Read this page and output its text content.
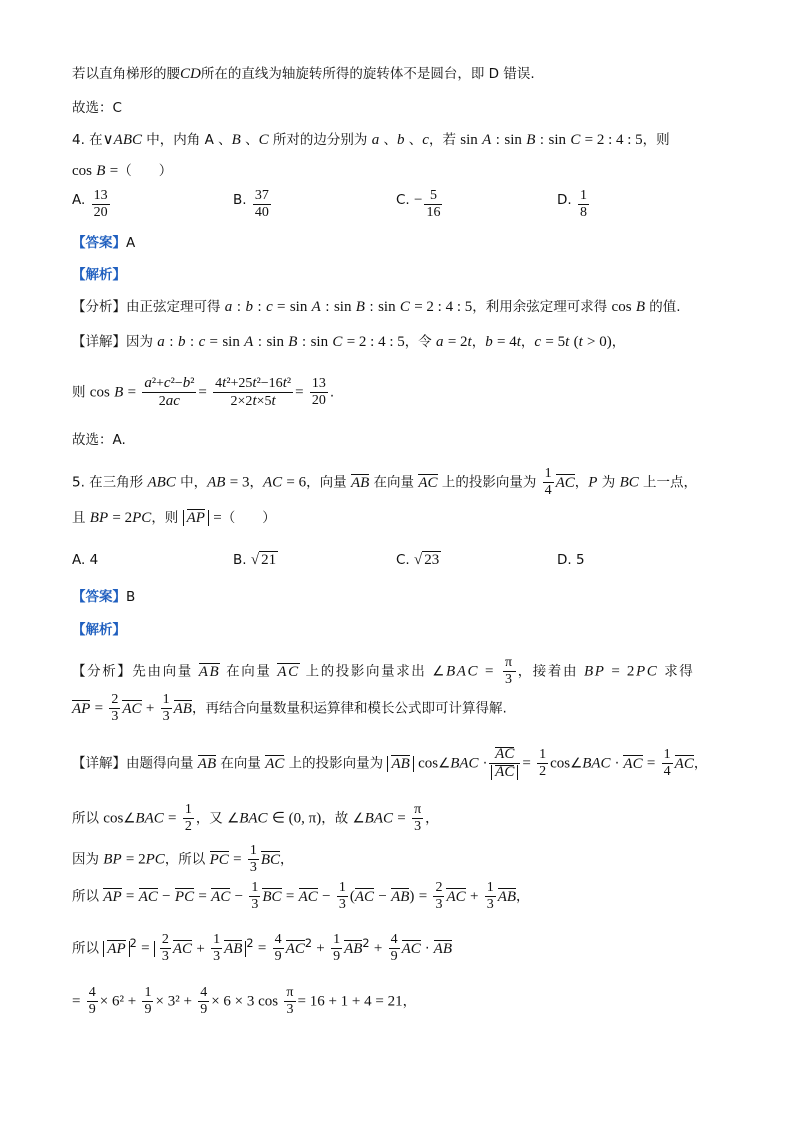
若以直角梯形的腰CD所在的直线为轴旋转所得的旋转体不是圆台，即 D 错误.
故选：C
4. 在∨ABC 中，内角 A 、B 、C 所对的边分别为 a 、b 、c，若 sin A : sin B : sin C = 2 : 4 : 5，则
cos B =（　　）
A. $\frac{13}{20}$	B. $\frac{37}{40}$	C. − $\frac{5}{16}$	D. $\frac{1}{8}$
【答案】A
【解析】
【分析】由正弦定理可得 a : b : c = sin A : sin B : sin C = 2 : 4 : 5，利用余弦定理可求得 cos B 的值.
【详解】因为 a : b : c = sin A : sin B : sin C = 2 : 4 : 5，令 a = 2t，b = 4t，c = 5t (t > 0)，
则 $\cos B = \frac{\text{a²+c²−b²}}{2ac} = \frac{\text{4t²+25t²−16t²}}{2\times 2t\times 5t} = \frac{13}{20}$ .
故选：A.
5. 在三角形 ABC 中，AB = 3，AC = 6，向量 AB 在向量 AC 上的投影向量为 $\frac{1}{4}$ AC，P 为 BC 上一点，
且 BP = 2PC，则 AP =（　　）
A. 4	B. √ 21	C. √ 23	D. 5
【答案】B
【解析】
【分析】先由向量 AB 在向量 AC 上的投影向量求出 ∠BAC = $\frac{\pi}{3}$ ，接着由 BP = 2PC 求得
AP = $\frac{2}{3}$ AC + $\frac{1}{3}$ AB，再结合向量数量积运算律和模长公式即可计算得解.
【详解】由题得向量 AB 在向量 AC 上的投影向量为 AB cos∠BAC · $\frac{AC}{AC} = \frac{1}{2}$ cos∠BAC · AC = $\frac{1}{4}$ AC，
所以 cos∠BAC = $\frac{1}{2}$ ，又 ∠BAC ∈ (0, π)，故 ∠BAC = $\frac{\pi}{3}$ ，
因为 BP = 2PC，所以 PC = $\frac{1}{3}$ BC，
所以 AP = AC − PC = AC − $\frac{1}{3}$ BC = AC − $\frac{1}{3} (AC - AB) = \frac{2}{3}$ AC + $\frac{1}{3}$ AB，
所以 AP $^2 = \frac{2}{3}$ AC + $\frac{1}{3}$ AB $^2 = \frac{4}{9} AC^2 + \frac{1}{9} AB^2 + \frac{4}{9}$ AC · AB
= $\frac{4}{9} \times 6^2 + \frac{1}{9} \times 3^2 + \frac{4}{9} \times 6 \times 3$ $\cos \frac{\pi}{3} = 16 + 1 + 4 = 21$，
